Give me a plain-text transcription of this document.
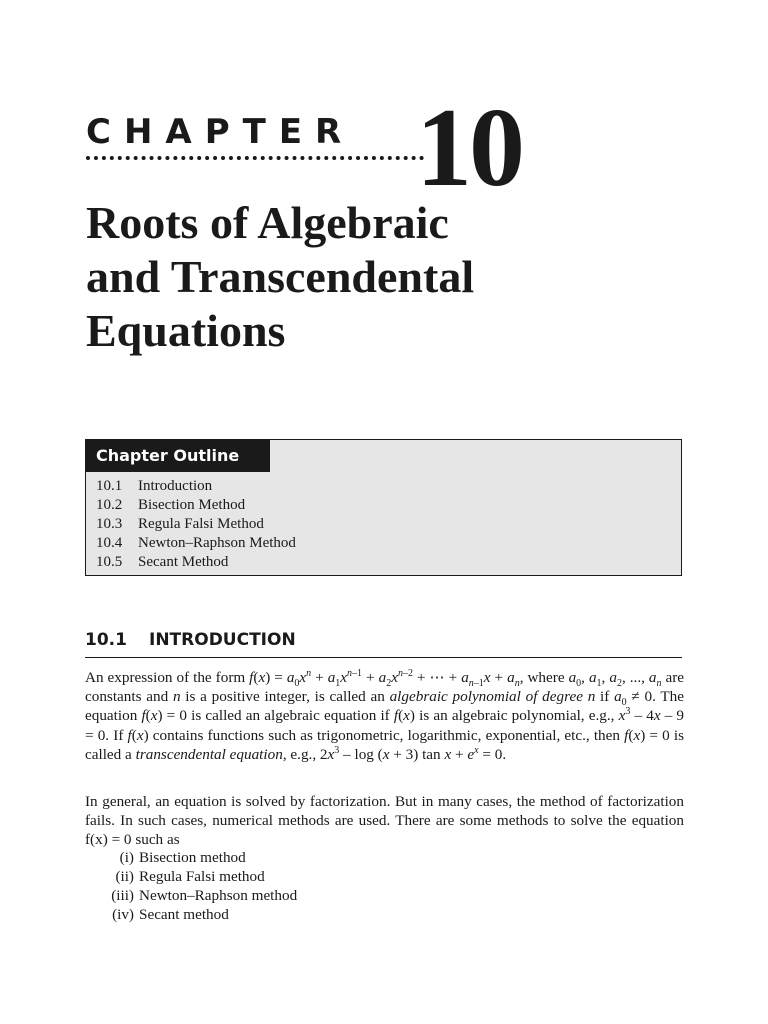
CHAPTER 10
Roots of Algebraic
and Transcendental
Equations
Chapter Outline
10.1 Introduction
10.2 Bisection Method
10.3 Regula Falsi Method
10.4 Newton–Raphson Method
10.5 Secant Method
10.1 INTRODUCTION

An expression of the form $f(x) = a_0x^n + a_1x^{n-1} + a_2x^{n-2}$ + ⋯ + $a_{n-1}x + a_n$, where $a_0$, $a_1$, $a_2$, ..., $a_n$ are constants and n is a positive integer, is called an algebraic polynomial of degree n if $a_0 \ne 0$. The equation f(x) = 0 is called an algebraic equation if f(x) is an algebraic polynomial, e.g., $x^3 - 4x - 9 = 0$. If f(x) contains functions such as trigonometric, logarithmic, exponential, etc., then f(x) = 0 is called a transcendental equation, e.g., $2x^3 - \log (x + 3)$ $\tan x + e^x = 0$.

In general, an equation is solved by factorization. But in many cases, the method of factorization fails. In such cases, numerical methods are used. There are some methods to solve the equation f(x) = 0 such as

(i) Bisection method
(ii) Regula Falsi method
(iii) Newton–Raphson method
(iv) Secant method
